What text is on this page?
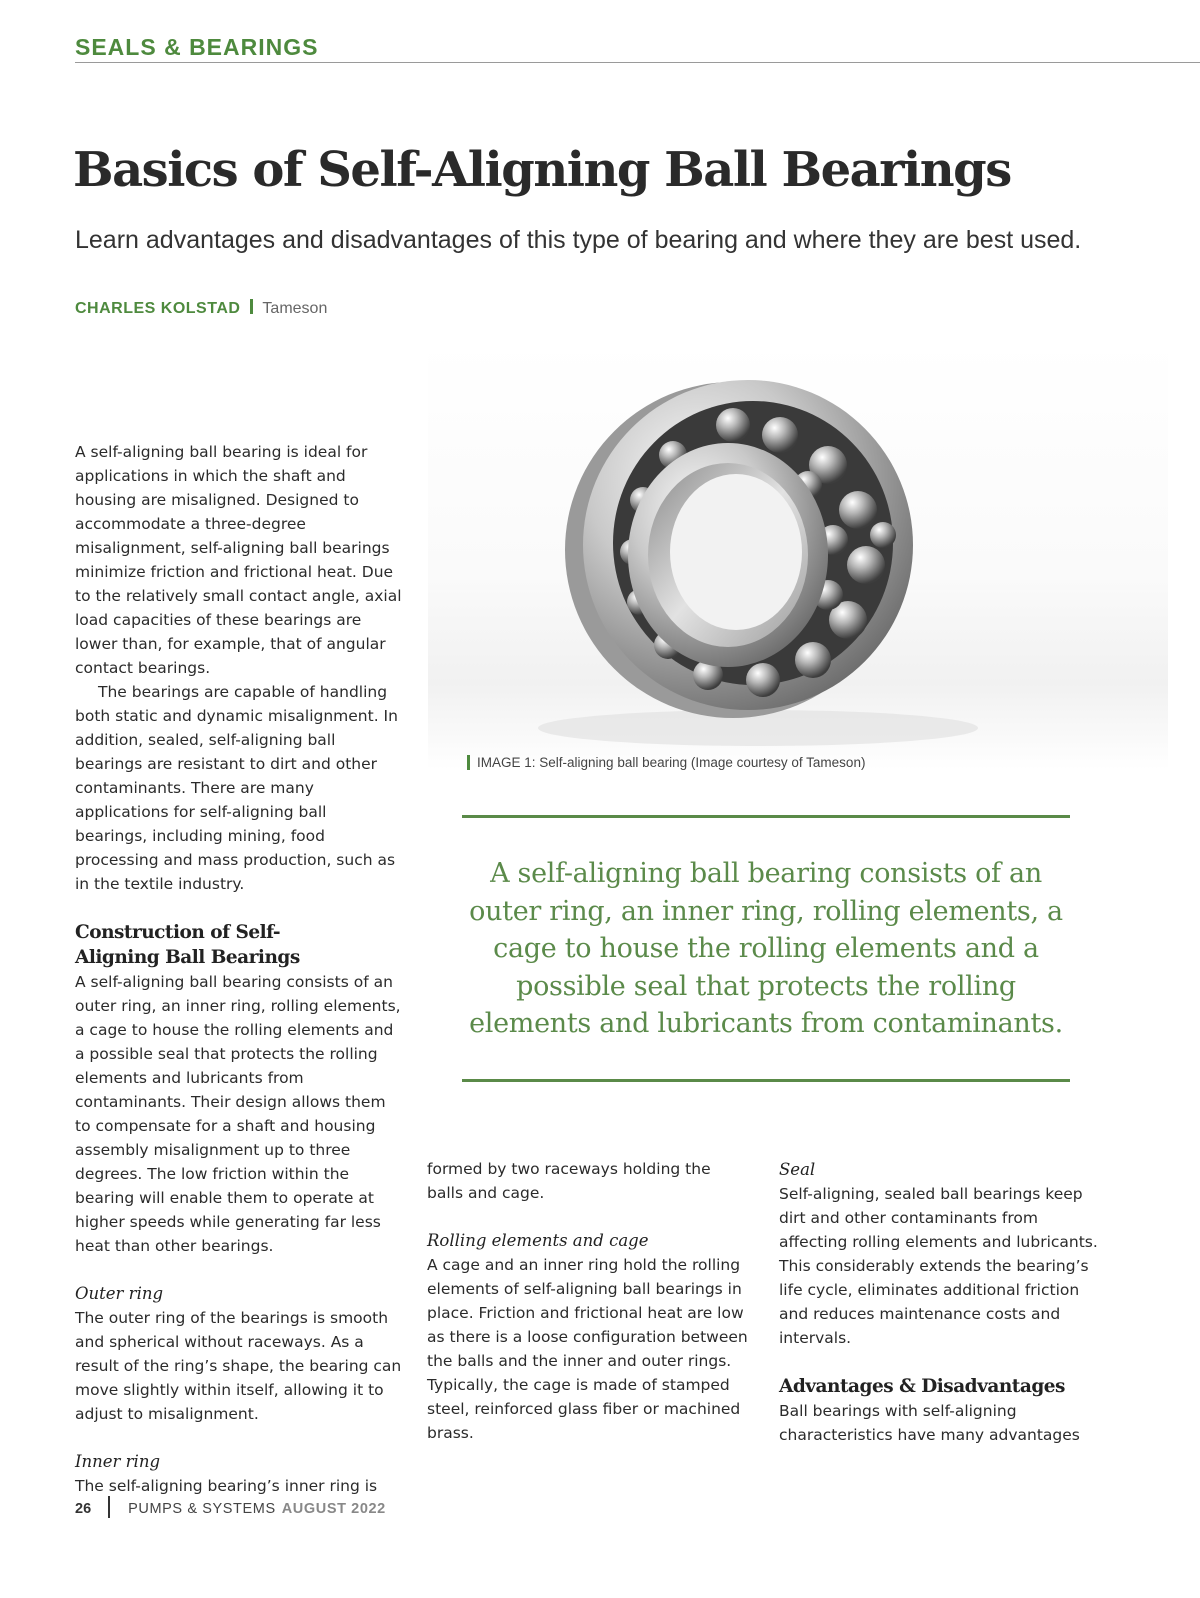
SEALS & BEARINGS
Basics of Self-Aligning Ball Bearings

Learn advantages and disadvantages of this type of bearing and where they are best used.

CHARLES KOLSTAD Tameson

A self-aligning ball bearing is ideal for applications in which the shaft and housing are misaligned. Designed to accommodate a three-degree misalignment, self-aligning ball bearings minimize friction and frictional heat. Due to the relatively small contact angle, axial load capacities of these bearings are lower than, for example, that of angular contact bearings.

The bearings are capable of handling both static and dynamic misalignment. In addition, sealed, self-aligning ball bearings are resistant to dirt and other contaminants. There are many applications for self-aligning ball bearings, including mining, food processing and mass production, such as in the textile industry.

Construction of Self-Aligning Ball Bearings

A self-aligning ball bearing consists of an outer ring, an inner ring, rolling elements, a cage to house the rolling elements and a possible seal that protects the rolling elements and lubricants from contaminants. Their design allows them to compensate for a shaft and housing assembly misalignment up to three degrees. The low friction within the bearing will enable them to operate at higher speeds while generating far less heat than other bearings.

Outer ring

The outer ring of the bearings is smooth and spherical without raceways. As a result of the ring’s shape, the bearing can move slightly within itself, allowing it to adjust to misalignment.

Inner ring

The self-aligning bearing’s inner ring is

IMAGE 1: Self-aligning ball bearing (Image courtesy of Tameson)

A self-aligning ball bearing consists of an outer ring, an inner ring, rolling elements, a cage to house the rolling elements and a possible seal that protects the rolling elements and lubricants from contaminants.

formed by two raceways holding the balls and cage.

Rolling elements and cage

A cage and an inner ring hold the rolling elements of self-aligning ball bearings in place. Friction and frictional heat are low as there is a loose configuration between the balls and the inner and outer rings. Typically, the cage is made of stamped steel, reinforced glass fiber or machined brass.

Seal

Self-aligning, sealed ball bearings keep dirt and other contaminants from affecting rolling elements and lubricants. This considerably extends the bearing’s life cycle, eliminates additional friction and reduces maintenance costs and intervals.

Advantages & Disadvantages

Ball bearings with self-aligning characteristics have many advantages

26	PUMPS & SYSTEMS AUGUST 2022
